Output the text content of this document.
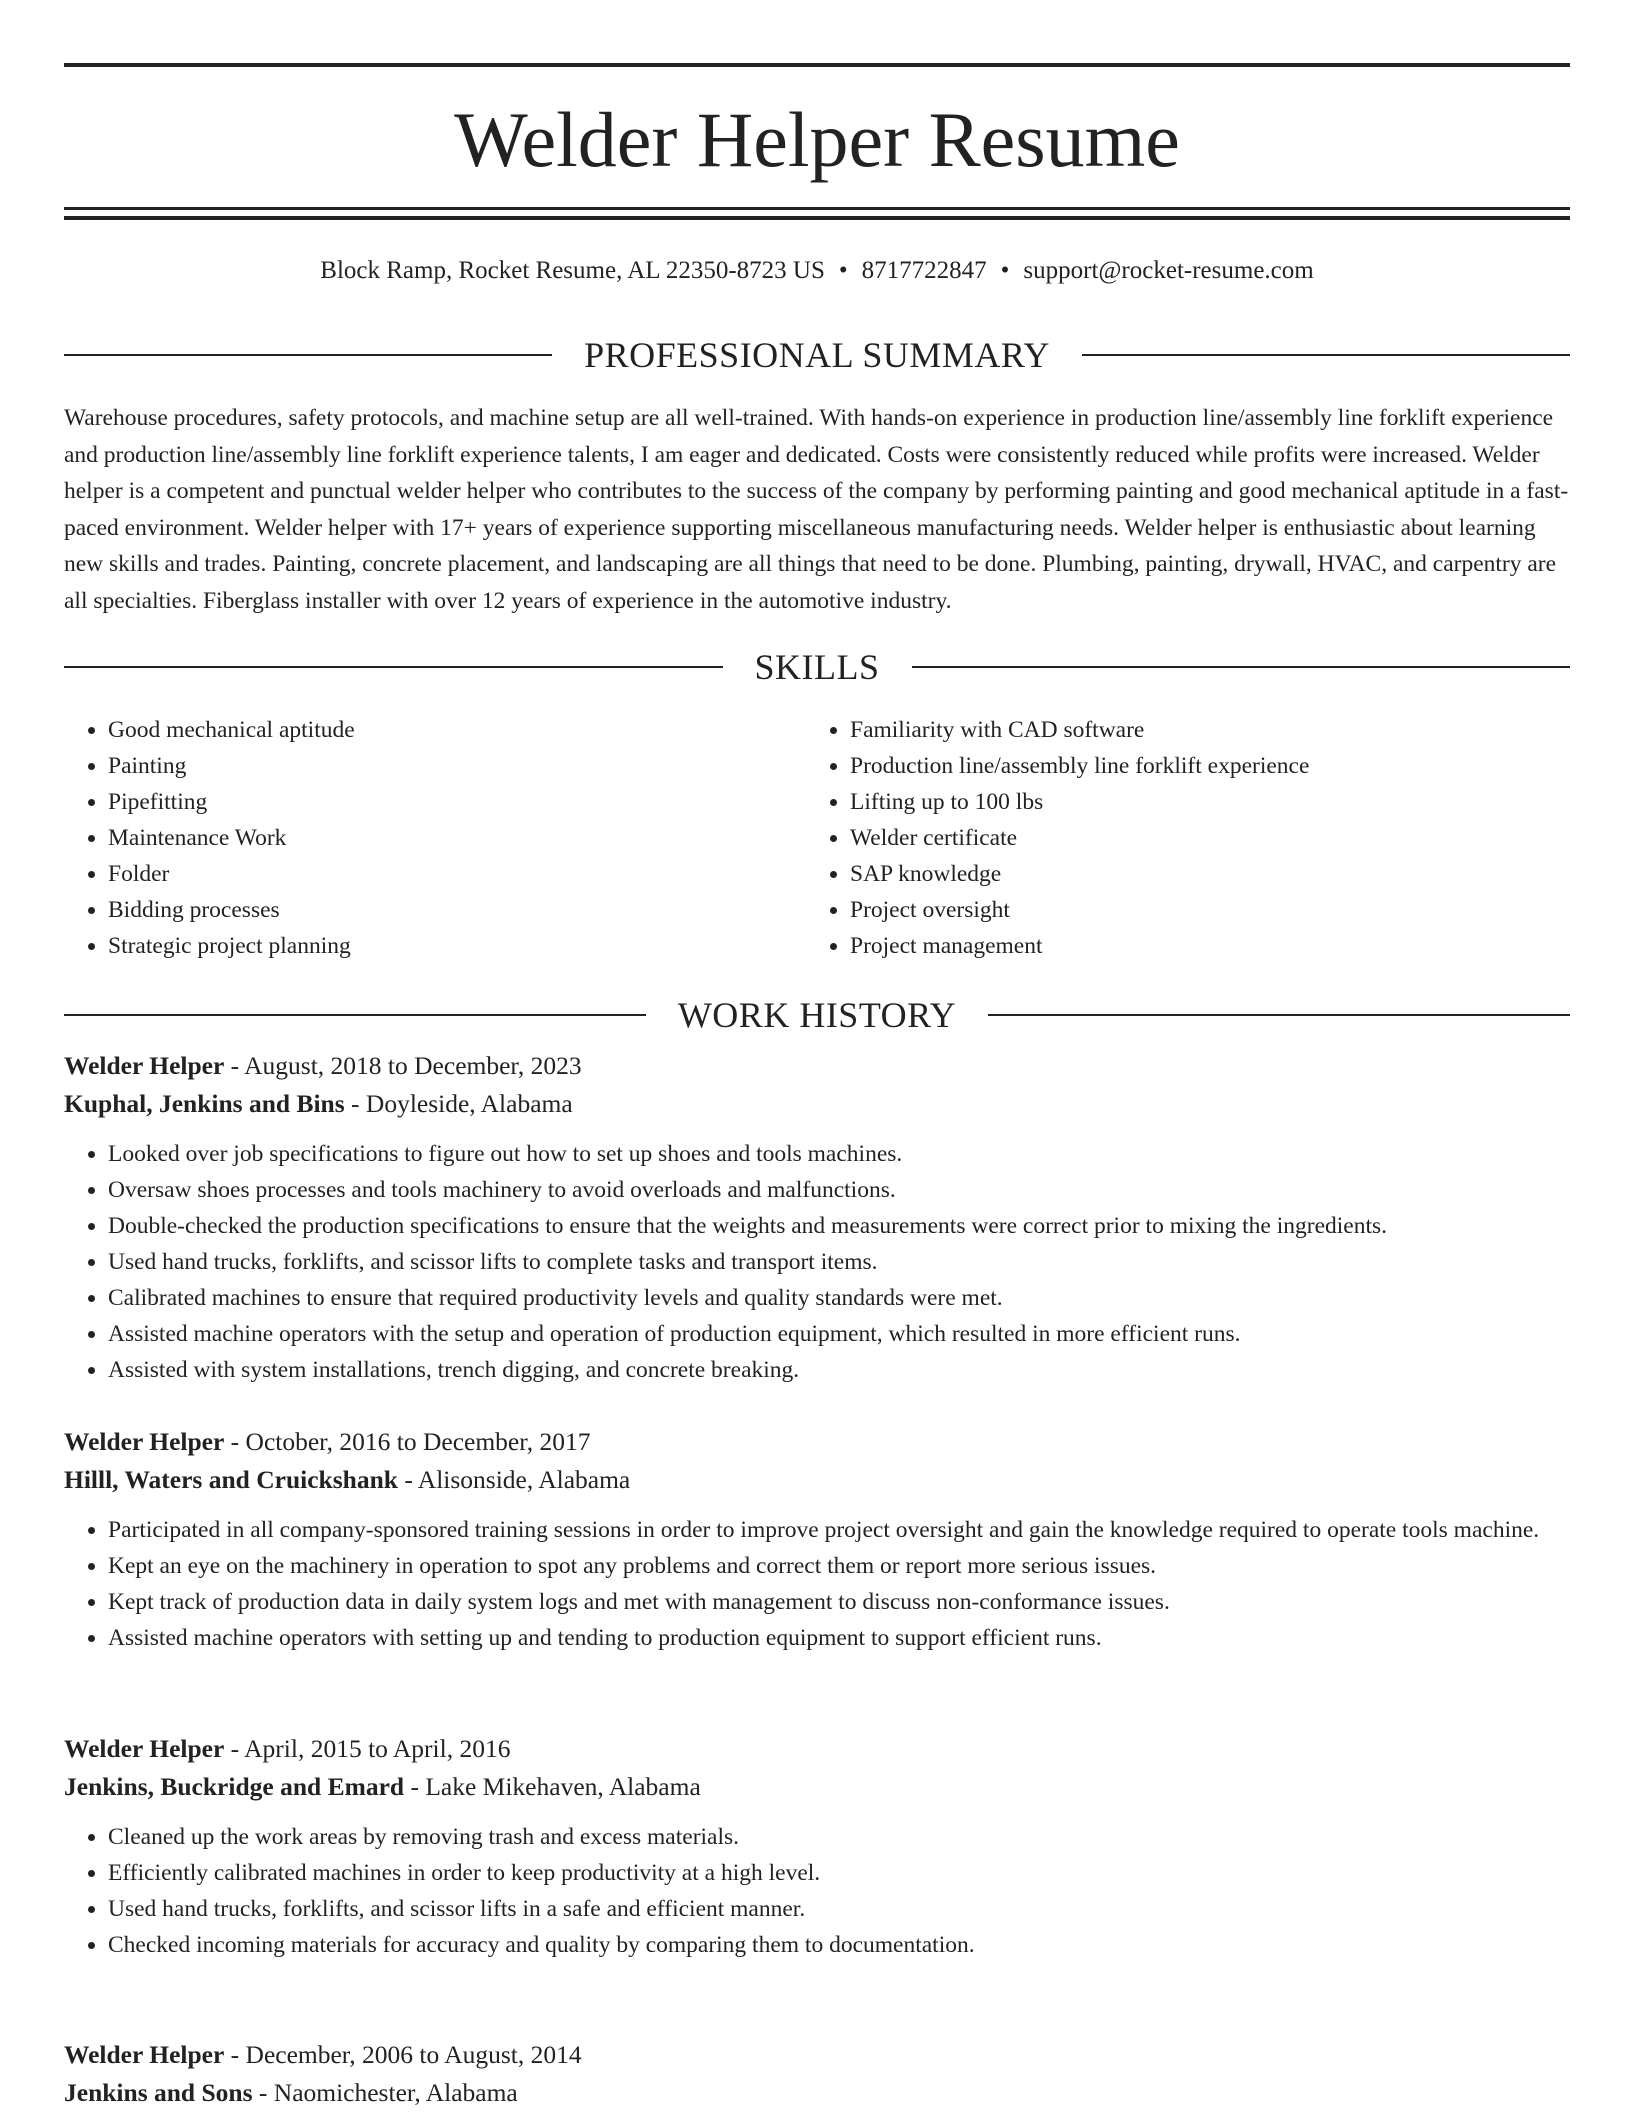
Welder Helper Resume
Block Ramp, Rocket Resume, AL 22350-8723 US • 8717722847 • support@rocket-resume.com
PROFESSIONAL SUMMARY

Warehouse procedures, safety protocols, and machine setup are all well-trained. With hands-on experience in production line/assembly line forklift experience and production line/assembly line forklift experience talents, I am eager and dedicated. Costs were consistently reduced while profits were increased. Welder helper is a competent and punctual welder helper who contributes to the success of the company by performing painting and good mechanical aptitude in a fast-paced environment. Welder helper with 17+ years of experience supporting miscellaneous manufacturing needs. Welder helper is enthusiastic about learning new skills and trades. Painting, concrete placement, and landscaping are all things that need to be done. Plumbing, painting, drywall, HVAC, and carpentry are all specialties. Fiberglass installer with over 12 years of experience in the automotive industry.

SKILLS
• Good mechanical aptitude
• Painting
• Pipefitting
• Maintenance Work
• Folder
• Bidding processes
• Strategic project planning
• Familiarity with CAD software
• Production line/assembly line forklift experience
• Lifting up to 100 lbs
• Welder certificate
• SAP knowledge
• Project oversight
• Project management
WORK HISTORY
Welder Helper - August, 2018 to December, 2023
Kuphal, Jenkins and Bins - Doyleside, Alabama
• Looked over job specifications to figure out how to set up shoes and tools machines.
• Oversaw shoes processes and tools machinery to avoid overloads and malfunctions.
• Double-checked the production specifications to ensure that the weights and measurements were correct prior to mixing the ingredients.
• Used hand trucks, forklifts, and scissor lifts to complete tasks and transport items.
• Calibrated machines to ensure that required productivity levels and quality standards were met.
• Assisted machine operators with the setup and operation of production equipment, which resulted in more efficient runs.
• Assisted with system installations, trench digging, and concrete breaking.
Welder Helper - October, 2016 to December, 2017
Hilll, Waters and Cruickshank - Alisonside, Alabama
• Participated in all company-sponsored training sessions in order to improve project oversight and gain the knowledge required to operate tools machine.
• Kept an eye on the machinery in operation to spot any problems and correct them or report more serious issues.
• Kept track of production data in daily system logs and met with management to discuss non-conformance issues.
• Assisted machine operators with setting up and tending to production equipment to support efficient runs.
Welder Helper - April, 2015 to April, 2016
Jenkins, Buckridge and Emard - Lake Mikehaven, Alabama
• Cleaned up the work areas by removing trash and excess materials.
• Efficiently calibrated machines in order to keep productivity at a high level.
• Used hand trucks, forklifts, and scissor lifts in a safe and efficient manner.
• Checked incoming materials for accuracy and quality by comparing them to documentation.
Welder Helper - December, 2006 to August, 2014
Jenkins and Sons - Naomichester, Alabama
